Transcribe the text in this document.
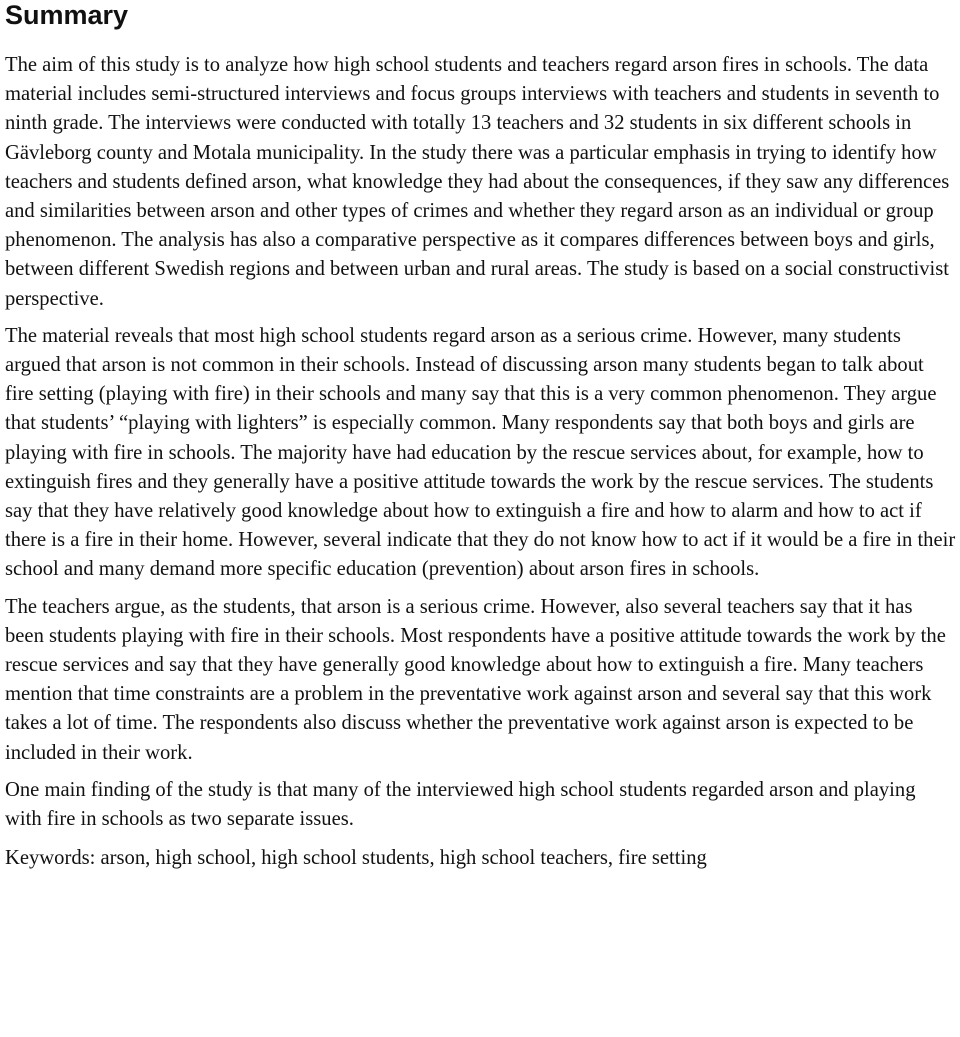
Summary

The aim of this study is to analyze how high school students and teachers regard arson fires in schools. The data material includes semi-structured interviews and focus groups interviews with teachers and students in seventh to ninth grade. The interviews were conducted with totally 13 teachers and 32 students in six different schools in Gävleborg county and Motala municipality. In the study there was a particular emphasis in trying to identify how teachers and students defined arson, what knowledge they had about the consequences, if they saw any differences and similarities between arson and other types of crimes and whether they regard arson as an individual or group phenomenon. The analysis has also a comparative perspective as it compares differences between boys and girls, between different Swedish regions and between urban and rural areas. The study is based on a social constructivist perspective.

The material reveals that most high school students regard arson as a serious crime. However, many students argued that arson is not common in their schools. Instead of discussing arson many students began to talk about fire setting (playing with fire) in their schools and many say that this is a very common phenomenon. They argue that students’ “playing with lighters” is especially common. Many respondents say that both boys and girls are playing with fire in schools. The majority have had education by the rescue services about, for example, how to extinguish fires and they generally have a positive attitude towards the work by the rescue services. The students say that they have relatively good knowledge about how to extinguish a fire and how to alarm and how to act if there is a fire in their home. However, several indicate that they do not know how to act if it would be a fire in their school and many demand more specific education (prevention) about arson fires in schools.

The teachers argue, as the students, that arson is a serious crime. However, also several teachers say that it has been students playing with fire in their schools. Most respondents have a positive attitude towards the work by the rescue services and say that they have generally good knowledge about how to extinguish a fire. Many teachers mention that time constraints are a problem in the preventative work against arson and several say that this work takes a lot of time. The respondents also discuss whether the preventative work against arson is expected to be included in their work.

One main finding of the study is that many of the interviewed high school students regarded arson and playing with fire in schools as two separate issues.

Keywords: arson, high school, high school students, high school teachers, fire setting
